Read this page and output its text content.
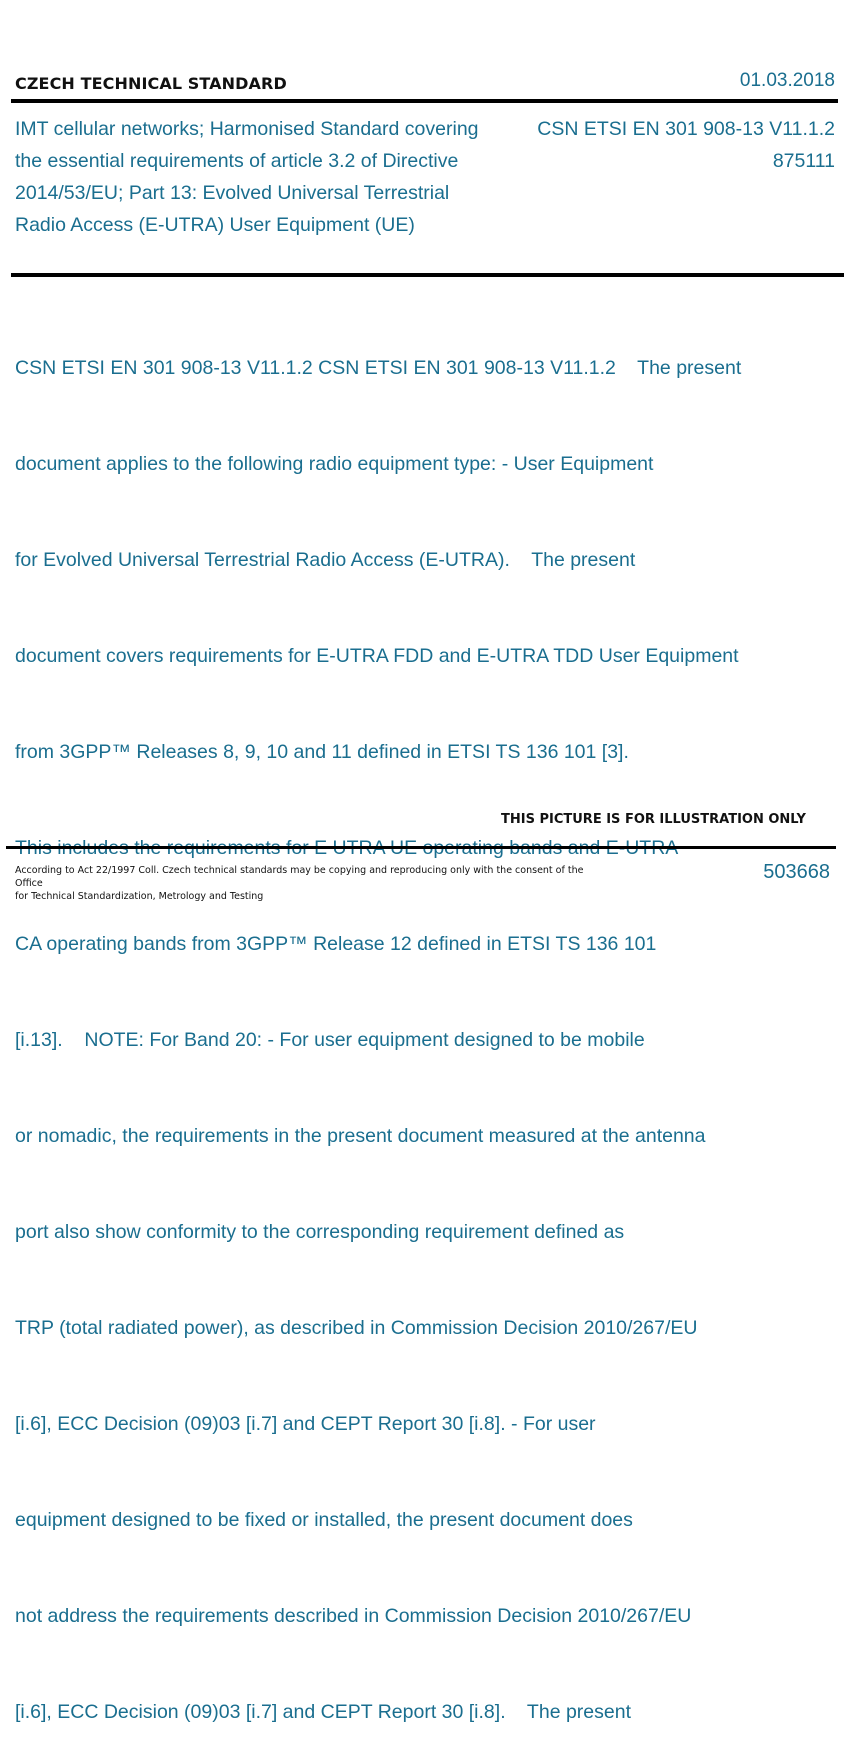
CZECH TECHNICAL STANDARD	01.03.2018
IMT cellular networks; Harmonised Standard covering
the essential requirements of article 3.2 of Directive
2014/53/EU; Part 13: Evolved Universal Terrestrial
Radio Access (E-UTRA) User Equipment (UE)
CSN ETSI EN 301 908-13 V11.1.2
875111

CSN ETSI EN 301 908-13 V11.1.2 CSN ETSI EN 301 908-13 V11.1.2    The present

document applies to the following radio equipment type: - User Equipment

for Evolved Universal Terrestrial Radio Access (E-UTRA).    The present

document covers requirements for E-UTRA FDD and E-UTRA TDD User Equipment

from 3GPP™ Releases 8, 9, 10 and 11 defined in ETSI TS 136 101 [3].

CA operating bands from 3GPP™ Release 12 defined in ETSI TS 136 101

[i.13].    NOTE: For Band 20: - For user equipment designed to be mobile

or nomadic, the requirements in the present document measured at the antenna

port also show conformity to the corresponding requirement defined as

TRP (total radiated power), as described in Commission Decision 2010/267/EU

[i.6], ECC Decision (09)03 [i.7] and CEPT Report 30 [i.8]. - For user

equipment designed to be fixed or installed, the present document does

not address the requirements described in Commission Decision 2010/267/EU

[i.6], ECC Decision (09)03 [i.7] and CEPT Report 30 [i.8].    The present

THIS PICTURE IS FOR ILLUSTRATION ONLY
According to Act 22/1997 Coll. Czech technical standards may be copying and reproducing only with the consent of the Office
for Technical Standardization, Metrology and Testing
503668
